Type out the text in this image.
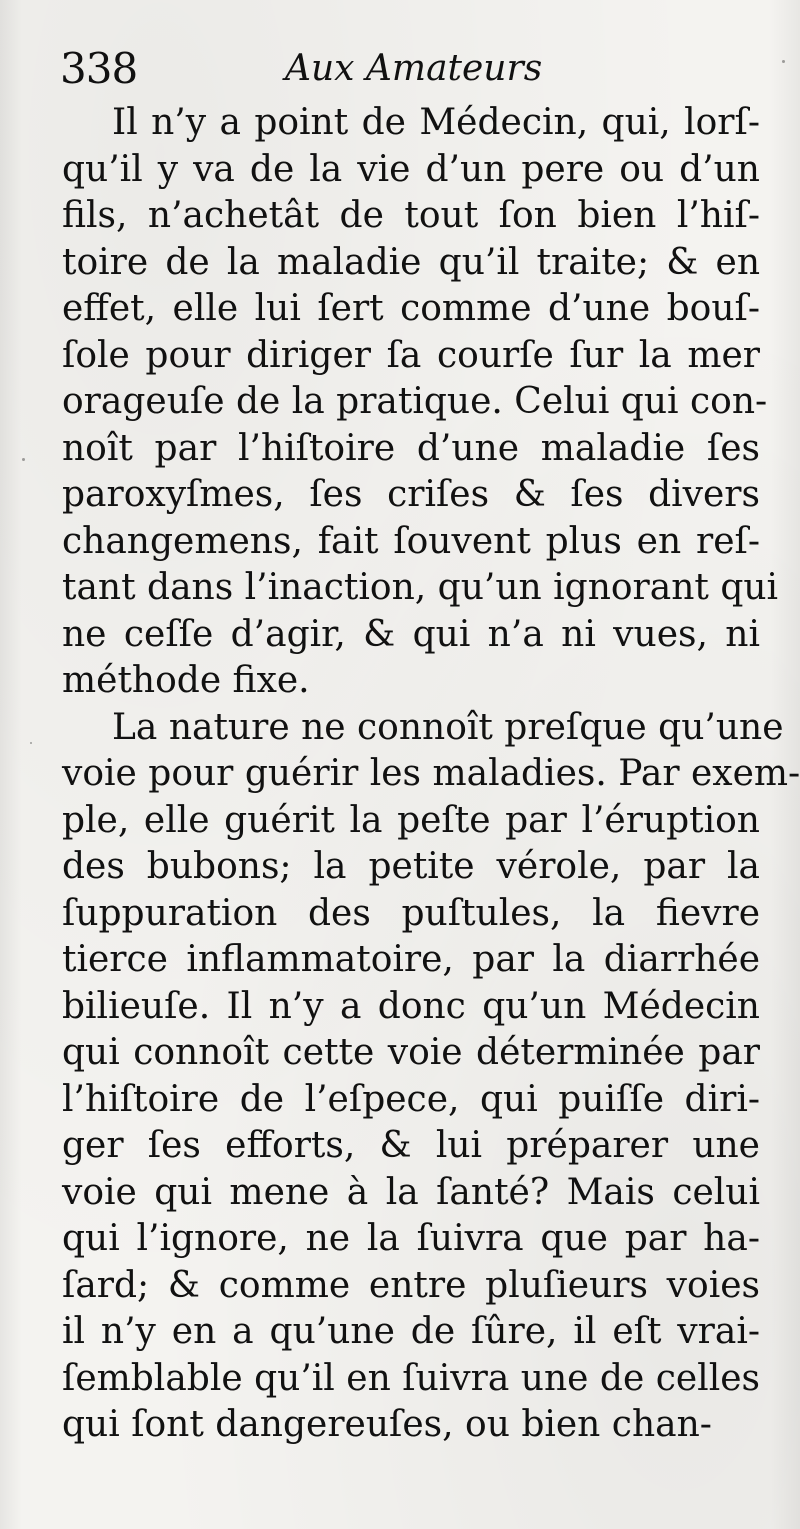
338	Aux Amateurs
Il n’y a point de Médecin, qui, lorſ-
qu’il y va de la vie d’un pere ou d’un
fils, n’achetât de tout ſon bien l’hiſ-
toire de la maladie qu’il traite; & en
effet, elle lui ſert comme d’une bouſ-
ſole pour diriger ſa courſe ſur la mer
orageuſe de la pratique. Celui qui con-
noît par l’hiſtoire d’une maladie ſes
paroxyſmes, ſes criſes & ſes divers
changemens, fait ſouvent plus en reſ-
tant dans l’inaction, qu’un ignorant qui
ne ceſſe d’agir, & qui n’a ni vues, ni
méthode fixe.
La nature ne connoît preſque qu’une
voie pour guérir les maladies. Par exem-
ple, elle guérit la peſte par l’éruption
des bubons; la petite vérole, par la
ſuppuration des puſtules, la fievre
tierce inflammatoire, par la diarrhée
bilieuſe. Il n’y a donc qu’un Médecin
qui connoît cette voie déterminée par
l’hiſtoire de l’eſpece, qui puiſſe diri-
ger ſes efforts, & lui préparer une
voie qui mene à la ſanté? Mais celui
qui l’ignore, ne la ſuivra que par ha-
ſard; & comme entre pluſieurs voies
il n’y en a qu’une de ſûre, il eſt vrai-
ſemblable qu’il en ſuivra une de celles
qui ſont dangereuſes, ou bien chan-
